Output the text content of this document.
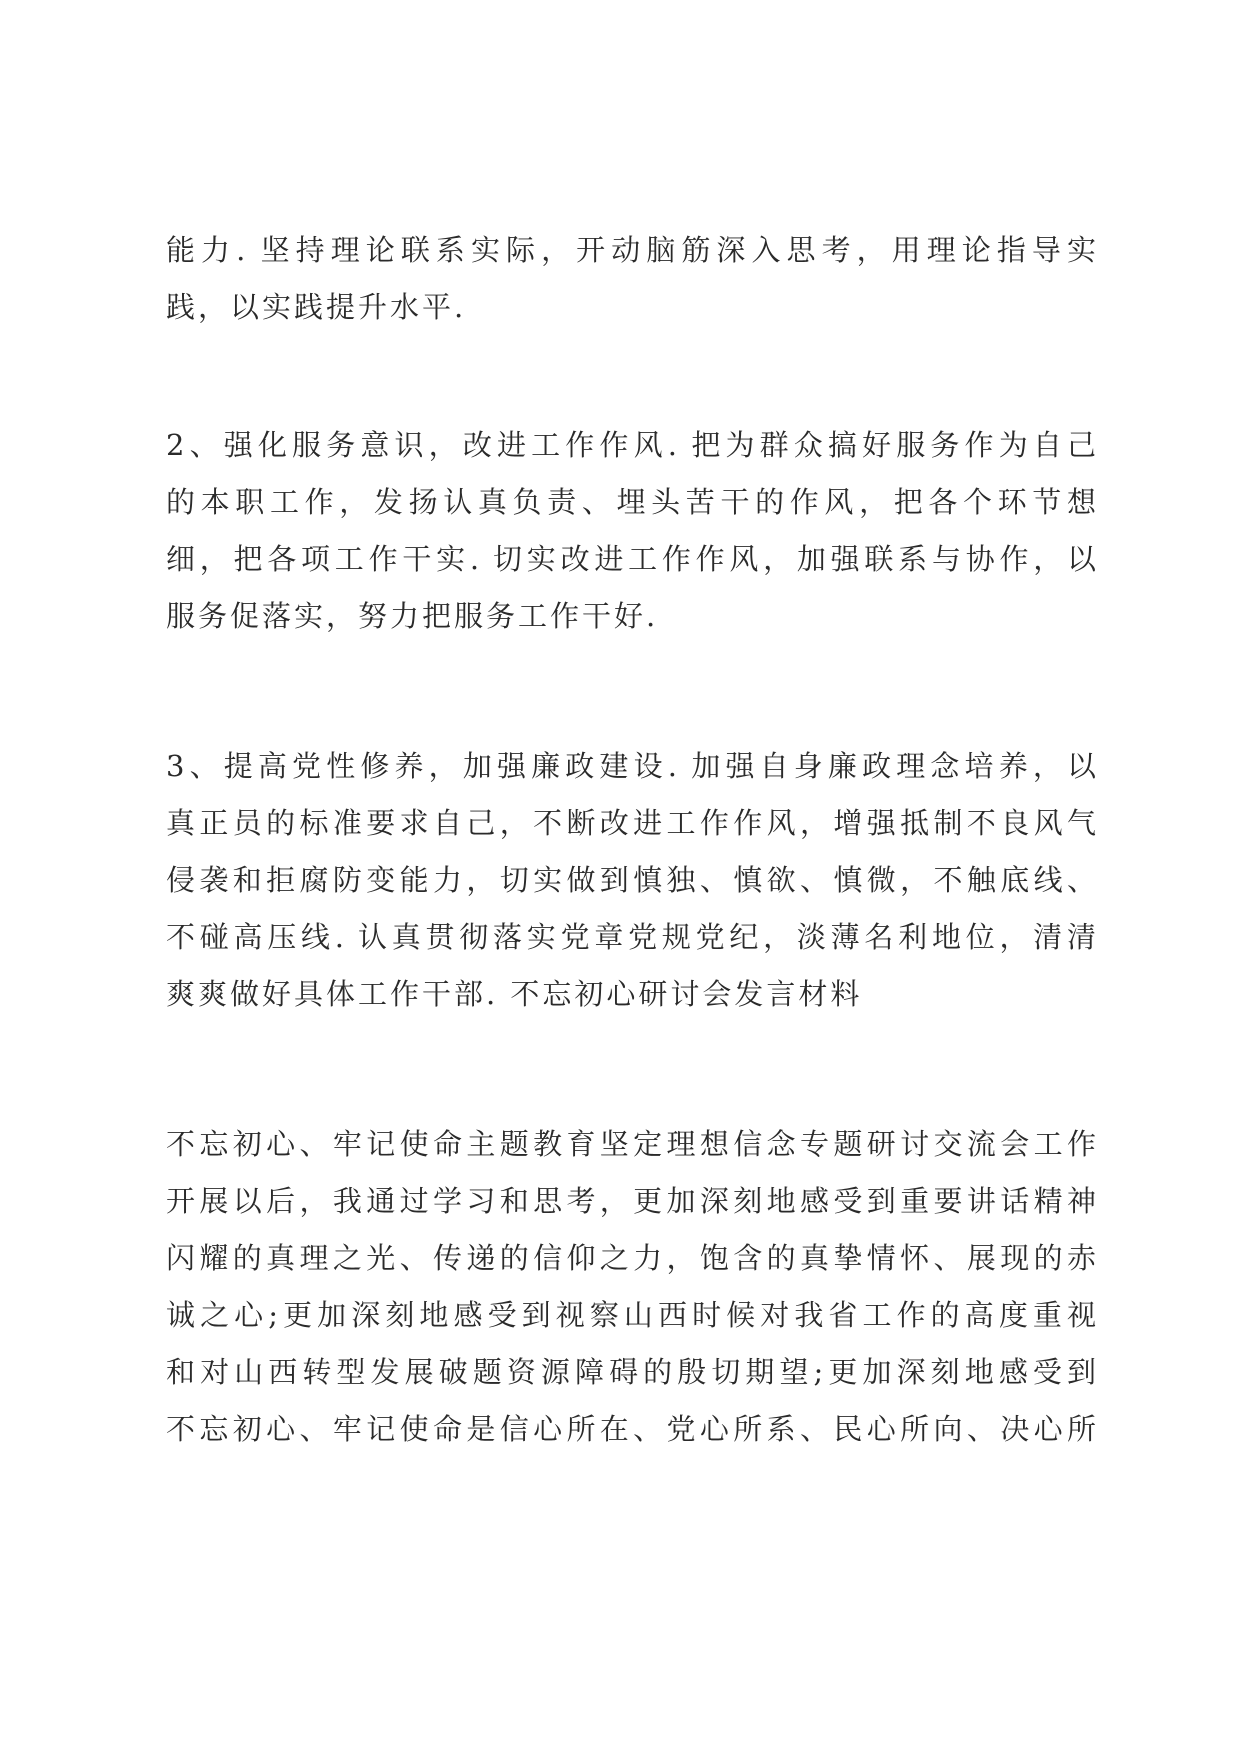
能力. 坚持理论联系实际，开动脑筋深入思考，用理论指导实
践，以实践提升水平.
2、强化服务意识，改进工作作风. 把为群众搞好服务作为自己
的本职工作，发扬认真负责、埋头苦干的作风，把各个环节想
细，把各项工作干实. 切实改进工作作风，加强联系与协作，以
服务促落实，努力把服务工作干好.
3、提高党性修养，加强廉政建设. 加强自身廉政理念培养，以
真正员的标准要求自己，不断改进工作作风，增强抵制不良风气
侵袭和拒腐防变能力，切实做到慎独、慎欲、慎微，不触底线、
不碰高压线. 认真贯彻落实党章党规党纪，淡薄名利地位，清清
爽爽做好具体工作干部. 不忘初心研讨会发言材料
不忘初心、牢记使命主题教育坚定理想信念专题研讨交流会工作
开展以后，我通过学习和思考，更加深刻地感受到重要讲话精神
闪耀的真理之光、传递的信仰之力，饱含的真挚情怀、展现的赤
诚之心;更加深刻地感受到视察山西时候对我省工作的高度重视
和对山西转型发展破题资源障碍的殷切期望;更加深刻地感受到
不忘初心、牢记使命是信心所在、党心所系、民心所向、决心所
